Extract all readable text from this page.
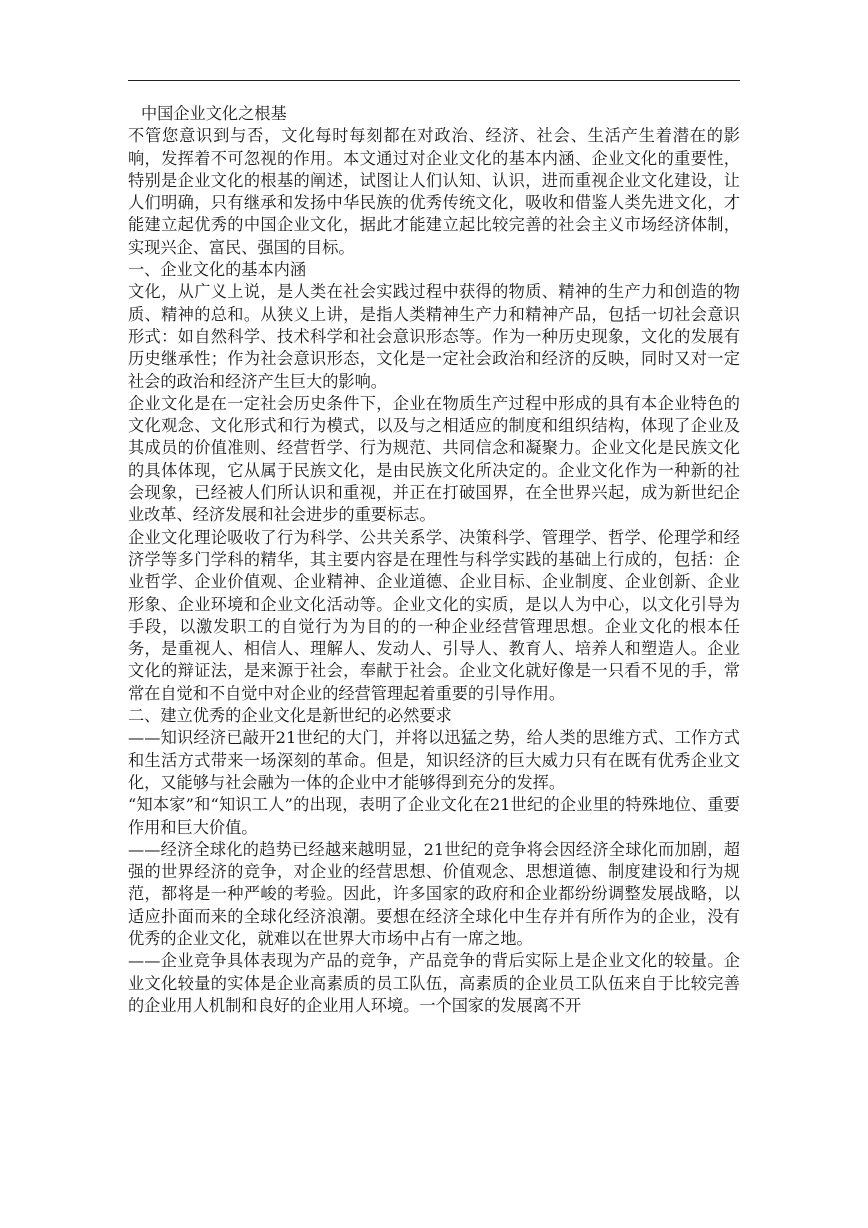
中国企业文化之根基

不管您意识到与否，文化每时每刻都在对政治、经济、社会、生活产生着潜在的影响，发挥着不可忽视的作用。本文通过对企业文化的基本内涵、企业文化的重要性，特别是企业文化的根基的阐述，试图让人们认知、认识，进而重视企业文化建设，让人们明确，只有继承和发扬中华民族的优秀传统文化，吸收和借鉴人类先进文化，才能建立起优秀的中国企业文化，据此才能建立起比较完善的社会主义市场经济体制，实现兴企、富民、强国的目标。

一、企业文化的基本内涵

文化，从广义上说，是人类在社会实践过程中获得的物质、精神的生产力和创造的物质、精神的总和。从狭义上讲，是指人类精神生产力和精神产品，包括一切社会意识形式：如自然科学、技术科学和社会意识形态等。作为一种历史现象，文化的发展有历史继承性；作为社会意识形态，文化是一定社会政治和经济的反映，同时又对一定社会的政治和经济产生巨大的影响。

企业文化是在一定社会历史条件下，企业在物质生产过程中形成的具有本企业特色的文化观念、文化形式和行为模式，以及与之相适应的制度和组织结构，体现了企业及其成员的价值准则、经营哲学、行为规范、共同信念和凝聚力。企业文化是民族文化的具体体现，它从属于民族文化，是由民族文化所决定的。企业文化作为一种新的社会现象，已经被人们所认识和重视，并正在打破国界，在全世界兴起，成为新世纪企业改革、经济发展和社会进步的重要标志。

企业文化理论吸收了行为科学、公共关系学、决策科学、管理学、哲学、伦理学和经济学等多门学科的精华，其主要内容是在理性与科学实践的基础上行成的，包括：企业哲学、企业价值观、企业精神、企业道德、企业目标、企业制度、企业创新、企业形象、企业环境和企业文化活动等。企业文化的实质，是以人为中心，以文化引导为手段，以激发职工的自觉行为为目的的一种企业经营管理思想。企业文化的根本任务，是重视人、相信人、理解人、发动人、引导人、教育人、培养人和塑造人。企业文化的辩证法，是来源于社会，奉献于社会。企业文化就好像是一只看不见的手，常常在自觉和不自觉中对企业的经营管理起着重要的引导作用。

二、建立优秀的企业文化是新世纪的必然要求

——知识经济已敲开21世纪的大门，并将以迅猛之势，给人类的思维方式、工作方式和生活方式带来一场深刻的革命。但是，知识经济的巨大威力只有在既有优秀企业文化，又能够与社会融为一体的企业中才能够得到充分的发挥。

“知本家”和“知识工人”的出现，表明了企业文化在21世纪的企业里的特殊地位、重要作用和巨大价值。

——经济全球化的趋势已经越来越明显，21世纪的竞争将会因经济全球化而加剧，超强的世界经济的竞争，对企业的经营思想、价值观念、思想道德、制度建设和行为规范，都将是一种严峻的考验。因此，许多国家的政府和企业都纷纷调整发展战略，以适应扑面而来的全球化经济浪潮。要想在经济全球化中生存并有所作为的企业，没有优秀的企业文化，就难以在世界大市场中占有一席之地。

——企业竞争具体表现为产品的竞争，产品竞争的背后实际上是企业文化的较量。企业文化较量的实体是企业高素质的员工队伍，高素质的企业员工队伍来自于比较完善的企业用人机制和良好的企业用人环境。一个国家的发展离不开
